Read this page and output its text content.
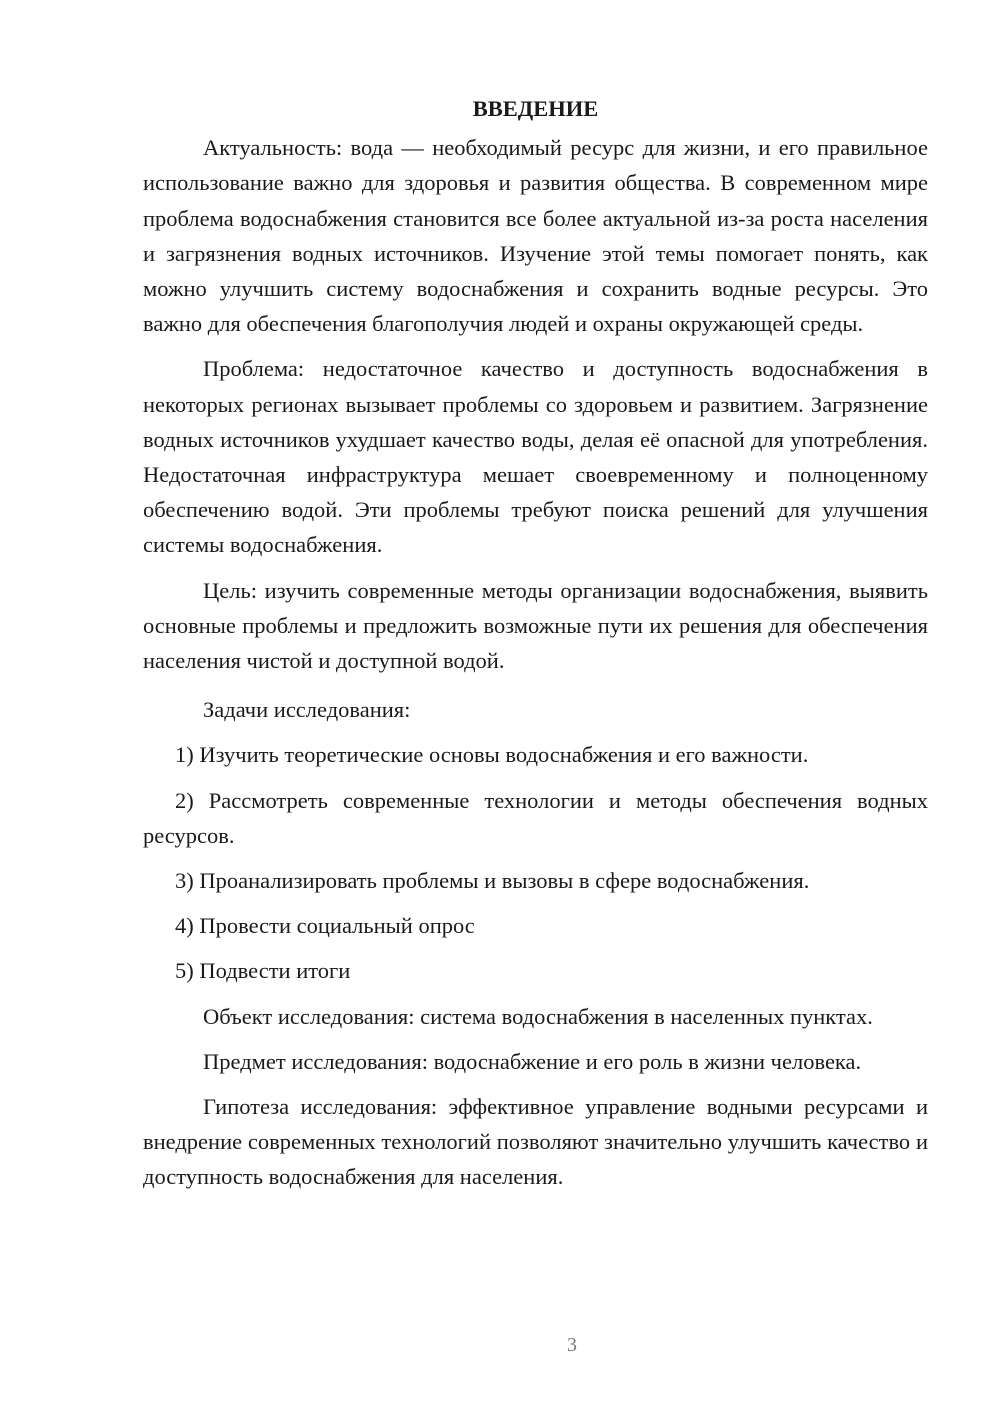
ВВЕДЕНИЕ

Актуальность: вода — необходимый ресурс для жизни, и его правильное использование важно для здоровья и развития общества. В современном мире проблема водоснабжения становится все более актуальной из-за роста населения и загрязнения водных источников. Изучение этой темы помогает понять, как можно улучшить систему водоснабжения и сохранить водные ресурсы. Это важно для обеспечения благополучия людей и охраны окружающей среды.

Проблема: недостаточное качество и доступность водоснабжения в некоторых регионах вызывает проблемы со здоровьем и развитием. Загрязнение водных источников ухудшает качество воды, делая её опасной для употребления. Недостаточная инфраструктура мешает своевременному и полноценному обеспечению водой. Эти проблемы требуют поиска решений для улучшения системы водоснабжения.

Цель: изучить современные методы организации водоснабжения, выявить основные проблемы и предложить возможные пути их решения для обеспечения населения чистой и доступной водой.

Задачи исследования:

1) Изучить теоретические основы водоснабжения и его важности.

2) Рассмотреть современные технологии и методы обеспечения водных ресурсов.

3) Проанализировать проблемы и вызовы в сфере водоснабжения.

4) Провести социальный опрос

5) Подвести итоги

Объект исследования: система водоснабжения в населенных пунктах.

Предмет исследования: водоснабжение и его роль в жизни человека.

Гипотеза исследования: эффективное управление водными ресурсами и внедрение современных технологий позволяют значительно улучшить качество и доступность водоснабжения для населения.

3
